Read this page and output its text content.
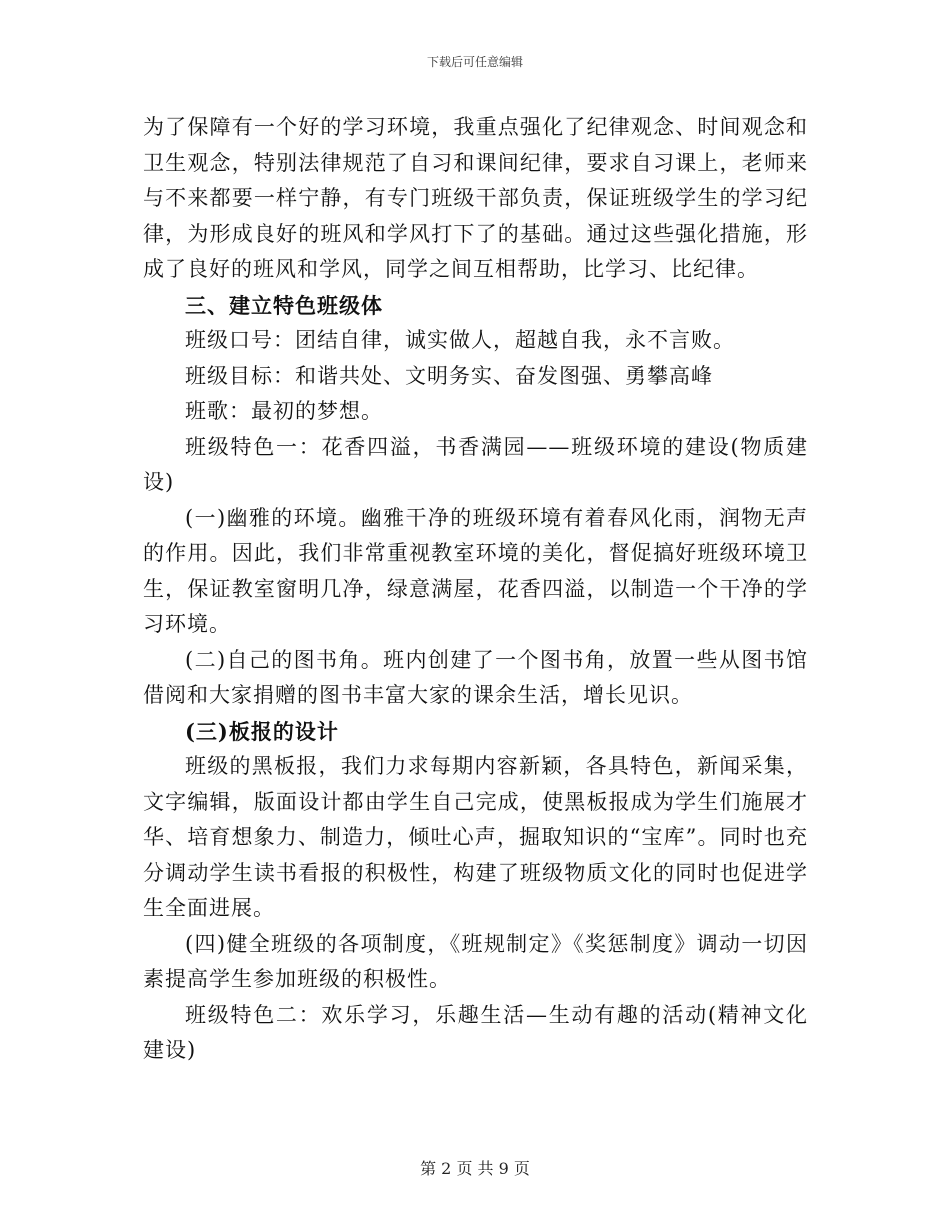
下载后可任意编辑

为了保障有一个好的学习环境，我重点强化了纪律观念、时间观念和卫生观念，特别法律规范了自习和课间纪律，要求自习课上，老师来与不来都要一样宁静，有专门班级干部负责，保证班级学生的学习纪律，为形成良好的班风和学风打下了的基础。通过这些强化措施，形成了良好的班风和学风，同学之间互相帮助，比学习、比纪律。

三、建立特色班级体

班级口号：团结自律，诚实做人，超越自我，永不言败。

班级目标：和谐共处、文明务实、奋发图强、勇攀高峰

班歌：最初的梦想。

班级特色一：花香四溢，书香满园——班级环境的建设(物质建设)

(一)幽雅的环境。幽雅干净的班级环境有着春风化雨，润物无声的作用。因此，我们非常重视教室环境的美化，督促搞好班级环境卫生，保证教室窗明几净，绿意满屋，花香四溢，以制造一个干净的学习环境。

(二)自己的图书角。班内创建了一个图书角，放置一些从图书馆借阅和大家捐赠的图书丰富大家的课余生活，增长见识。

(三)板报的设计

班级的黑板报，我们力求每期内容新颖，各具特色，新闻采集，文字编辑，版面设计都由学生自己完成，使黑板报成为学生们施展才华、培育想象力、制造力，倾吐心声，掘取知识的“宝库”。同时也充分调动学生读书看报的积极性，构建了班级物质文化的同时也促进学生全面进展。

(四)健全班级的各项制度，《班规制定》《奖惩制度》调动一切因素提高学生参加班级的积极性。

班级特色二：欢乐学习，乐趣生活—生动有趣的活动(精神文化建设)

第 2 页 共 9 页
